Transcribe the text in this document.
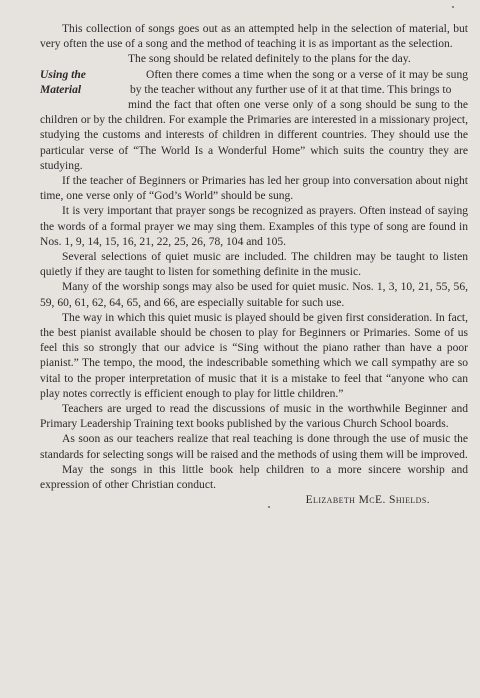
This collection of songs goes out as an attempted help in the selection of material, but very often the use of a song and the method of teaching it is as important as the selection.

The song should be related definitely to the plans for the day.

Using the
Material

Often there comes a time when the song or a verse of it may be sung by the teacher without any further use of it at that time. This brings to

mind the fact that often one verse only of a song should be sung to the children or by the children. For example the Primaries are interested in a missionary project, studying the customs and interests of children in different countries. They should use the particular verse of “The World Is a Wonderful Home” which suits the country they are studying.

If the teacher of Beginners or Primaries has led her group into conversation about night time, one verse only of “God’s World” should be sung.

It is very important that prayer songs be recognized as prayers. Often instead of saying the words of a formal prayer we may sing them. Examples of this type of song are found in Nos. 1, 9, 14, 15, 16, 21, 22, 25, 26, 78, 104 and 105.

Several selections of quiet music are included. The children may be taught to listen quietly if they are taught to listen for something definite in the music.

Many of the worship songs may also be used for quiet music. Nos. 1, 3, 10, 21, 55, 56, 59, 60, 61, 62, 64, 65, and 66, are especially suitable for such use.

The way in which this quiet music is played should be given first consideration. In fact, the best pianist available should be chosen to play for Beginners or Primaries. Some of us feel this so strongly that our advice is “Sing without the piano rather than have a poor pianist.” The tempo, the mood, the indescribable something which we call sympathy are so vital to the proper interpretation of music that it is a mistake to feel that “anyone who can play notes correctly is efficient enough to play for little children.”

Teachers are urged to read the discussions of music in the worthwhile Beginner and Primary Leadership Training text books published by the various Church School boards.

As soon as our teachers realize that real teaching is done through the use of music the standards for selecting songs will be raised and the methods of using them will be improved.

May the songs in this little book help children to a more sincere worship and expression of other Christian conduct.

Elizabeth McE. Shields.
